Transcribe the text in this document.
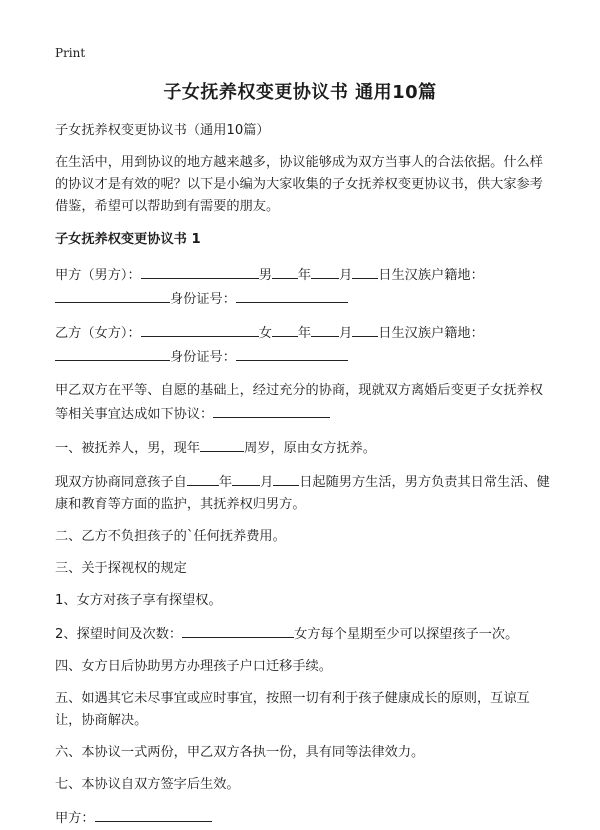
Print
子女抚养权变更协议书 通用10篇

子女抚养权变更协议书（通用10篇）

在生活中，用到协议的地方越来越多，协议能够成为双方当事人的合法依据。什么样的协议才是有效的呢？以下是小编为大家收集的子女抚养权变更协议书，供大家参考借鉴，希望可以帮助到有需要的朋友。

子女抚养权变更协议书 1

甲方（男方）：	男 年 月 日生汉族户籍地：
身份证号：

乙方（女方）：	女 年 月 日生汉族户籍地：
身份证号：

甲乙双方在平等、自愿的基础上，经过充分的协商，现就双方离婚后变更子女抚养权等相关事宜达成如下协议：

一、被抚养人，男，现年	周岁，原由女方抚养。

现双方协商同意孩子自 年 月 日起随男方生活，男方负责其日常生活、健康和教育等方面的监护，其抚养权归男方。

二、乙方不负担孩子的`任何抚养费用。

三、关于探视权的规定

1、女方对孩子享有探望权。

2、探望时间及次数：	女方每个星期至少可以探望孩子一次。

四、女方日后协助男方办理孩子户口迁移手续。

五、如遇其它未尽事宜或应时事宜，按照一切有利于孩子健康成长的原则，互谅互让，协商解决。

六、本协议一式两份，甲乙双方各执一份，具有同等法律效力。

七、本协议自双方签字后生效。

甲方：
